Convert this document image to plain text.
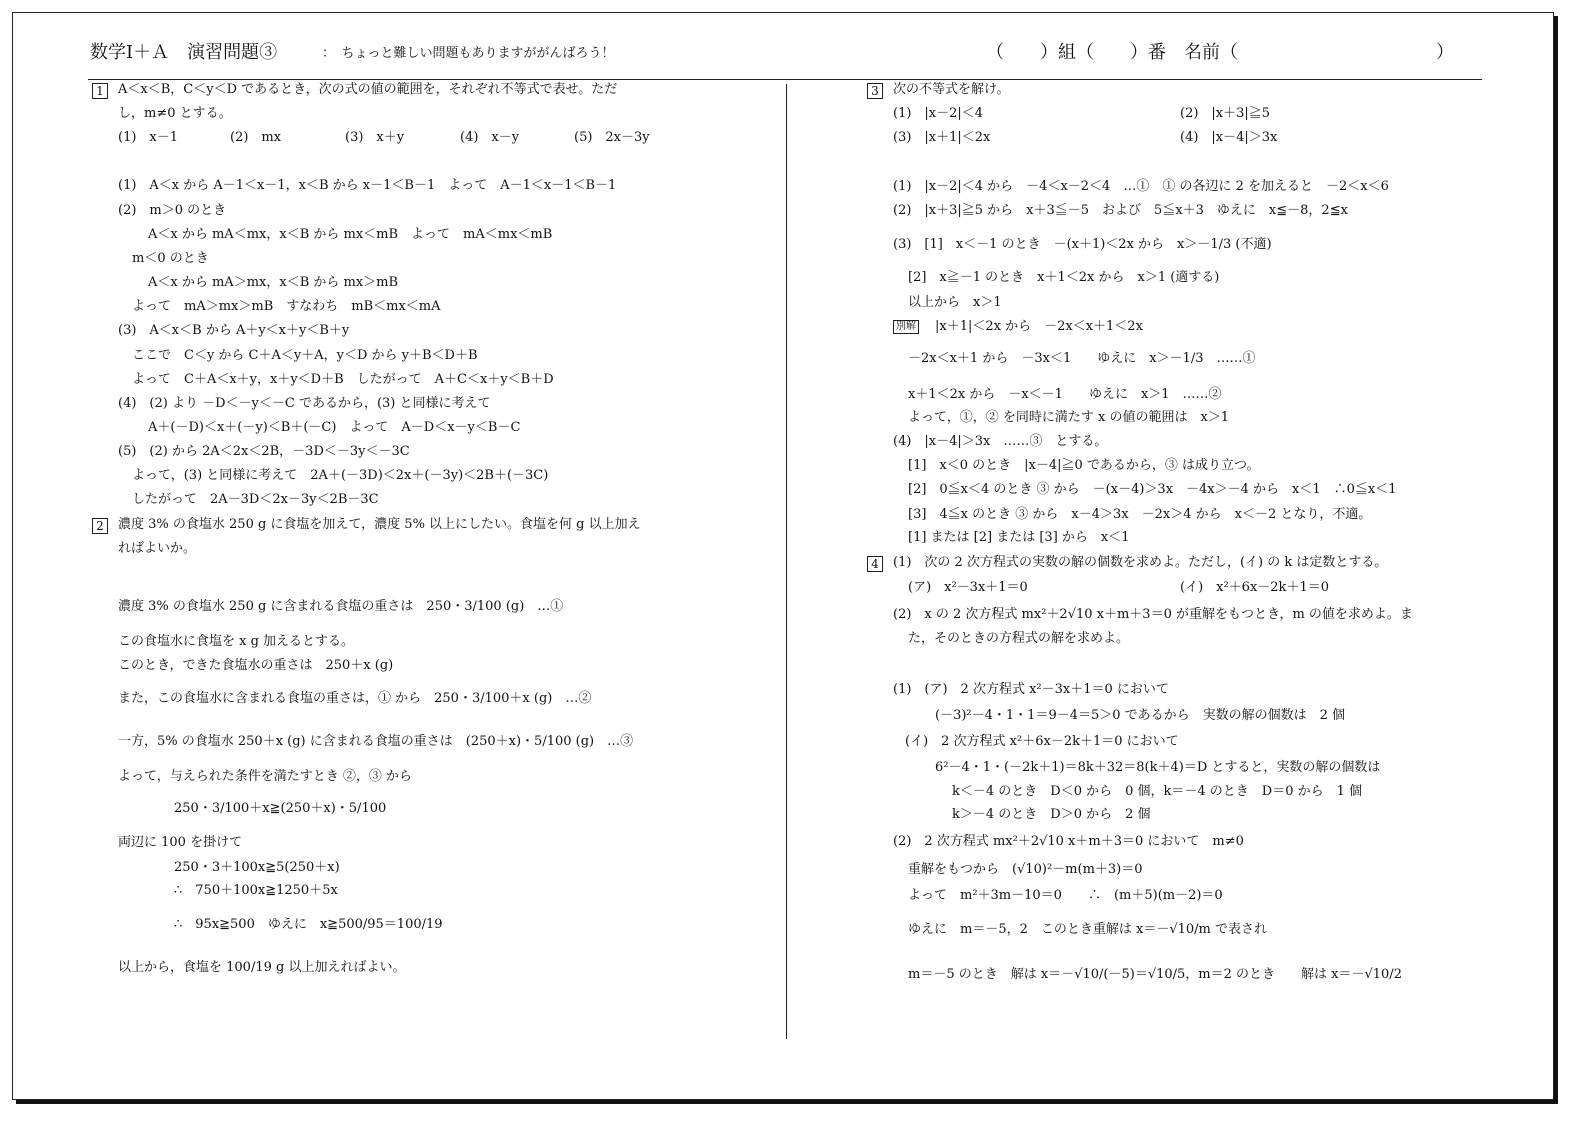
数学Ⅰ＋Ａ　演習問題③	：　ちょっと難しい問題もありますががんばろう！	（　　）組（　　）番　名前（　　　　　　　　　　　）
1	A＜x＜B，C＜y＜D であるとき，次の式の値の範囲を，それぞれ不等式で表せ。ただ
し，m≠0 とする。
(1)　x－1	(2)　mx	(3)　x＋y	(4)　x－y	(5)　2x－3y
(1)　A＜x から A－1＜x－1，x＜B から x－1＜B－1　よって　A－1＜x－1＜B－1
(2)　m＞0 のとき
A＜x から mA＜mx，x＜B から mx＜mB　よって　mA＜mx＜mB
m＜0 のとき
A＜x から mA＞mx，x＜B から mx＞mB
よって　mA＞mx＞mB　すなわち　mB＜mx＜mA
(3)　A＜x＜B から A＋y＜x＋y＜B＋y
ここで　C＜y から C＋A＜y＋A，y＜D から y＋B＜D＋B
よって　C＋A＜x＋y，x＋y＜D＋B　したがって　A＋C＜x＋y＜B＋D
(4)　(2) より －D＜－y＜－C であるから，(3) と同様に考えて
A＋(－D)＜x＋(－y)＜B＋(－C)　よって　A－D＜x－y＜B－C
(5)　(2) から 2A＜2x＜2B，－3D＜－3y＜－3C
よって，(3) と同様に考えて　2A＋(－3D)＜2x＋(－3y)＜2B＋(－3C)
したがって　2A－3D＜2x－3y＜2B－3C
2	濃度 3% の食塩水 250 g に食塩を加えて，濃度 5% 以上にしたい。食塩を何 g 以上加え
ればよいか。
濃度 3% の食塩水 250 g に含まれる食塩の重さは　250・3/100 (g)　…①
この食塩水に食塩を x g 加えるとする。
このとき，できた食塩水の重さは　250＋x (g)
また，この食塩水に含まれる食塩の重さは，① から　250・3/100＋x (g)　…②
一方，5% の食塩水 250＋x (g) に含まれる食塩の重さは　(250＋x)・5/100 (g)　…③
よって，与えられた条件を満たすとき ②，③ から
250・3/100＋x≧(250＋x)・5/100
両辺に 100 を掛けて
250・3＋100x≧5(250＋x)
∴　750＋100x≧1250＋5x
∴　95x≧500　ゆえに　x≧500/95＝100/19
以上から，食塩を 100/19 g 以上加えればよい。
3	次の不等式を解け。
(1)　|x－2|＜4	(2)　|x＋3|≧5
(3)　|x＋1|＜2x	(4)　|x－4|＞3x
(1)　|x－2|＜4 から　－4＜x－2＜4　…①　① の各辺に 2 を加えると　－2＜x＜6
(2)　|x＋3|≧5 から　x＋3≦－5　および　5≦x＋3　ゆえに　x≦－8，2≦x
(3)　[1]　x＜－1 のとき　－(x＋1)＜2x から　x＞－1/3 (不適)
[2]　x≧－1 のとき　x＋1＜2x から　x＞1 (適する)
以上から　x＞1
別解 |x＋1|＜2x から　－2x＜x＋1＜2x
－2x＜x＋1 から　－3x＜1　　ゆえに　x＞－1/3　……①
x＋1＜2x から　－x＜－1　　ゆえに　x＞1　……②
よって，①，② を同時に満たす x の値の範囲は　x＞1
(4)　|x－4|＞3x　……③　とする。
[1]　x＜0 のとき　|x－4|≧0 であるから，③ は成り立つ。
[2]　0≦x＜4 のとき ③ から　－(x－4)＞3x　－4x＞－4 から　x＜1　∴0≦x＜1
[3]　4≦x のとき ③ から　x－4＞3x　－2x＞4 から　x＜－2 となり，不適。
[1] または [2] または [3] から　x＜1
4	(1)　次の 2 次方程式の実数の解の個数を求めよ。ただし，(イ) の k は定数とする。
(ア)　x²－3x＋1＝0	(イ)　x²＋6x－2k＋1＝0
(2)　x の 2 次方程式 mx²＋2√10 x＋m＋3＝0 が重解をもつとき，m の値を求めよ。ま
た，そのときの方程式の解を求めよ。
(1)　(ア)　2 次方程式 x²－3x＋1＝0 において
(－3)²－4・1・1＝9－4＝5＞0 であるから　実数の解の個数は　2 個
(イ)　2 次方程式 x²＋6x－2k＋1＝0 において
6²－4・1・(－2k＋1)＝8k＋32＝8(k＋4)＝D とすると，実数の解の個数は
k＜－4 のとき　D＜0 から　0 個，k＝－4 のとき　D＝0 から　1 個
k＞－4 のとき　D＞0 から　2 個
(2)　2 次方程式 mx²＋2√10 x＋m＋3＝0 において　m≠0
重解をもつから　(√10)²－m(m＋3)＝0
よって　m²＋3m－10＝0　　∴　(m＋5)(m－2)＝0
ゆえに　m＝－5，2　このとき重解は x＝－√10/m で表され
m＝－5 のとき　解は x＝－√10/(－5)＝√10/5，m＝2 のとき　　解は x＝－√10/2
